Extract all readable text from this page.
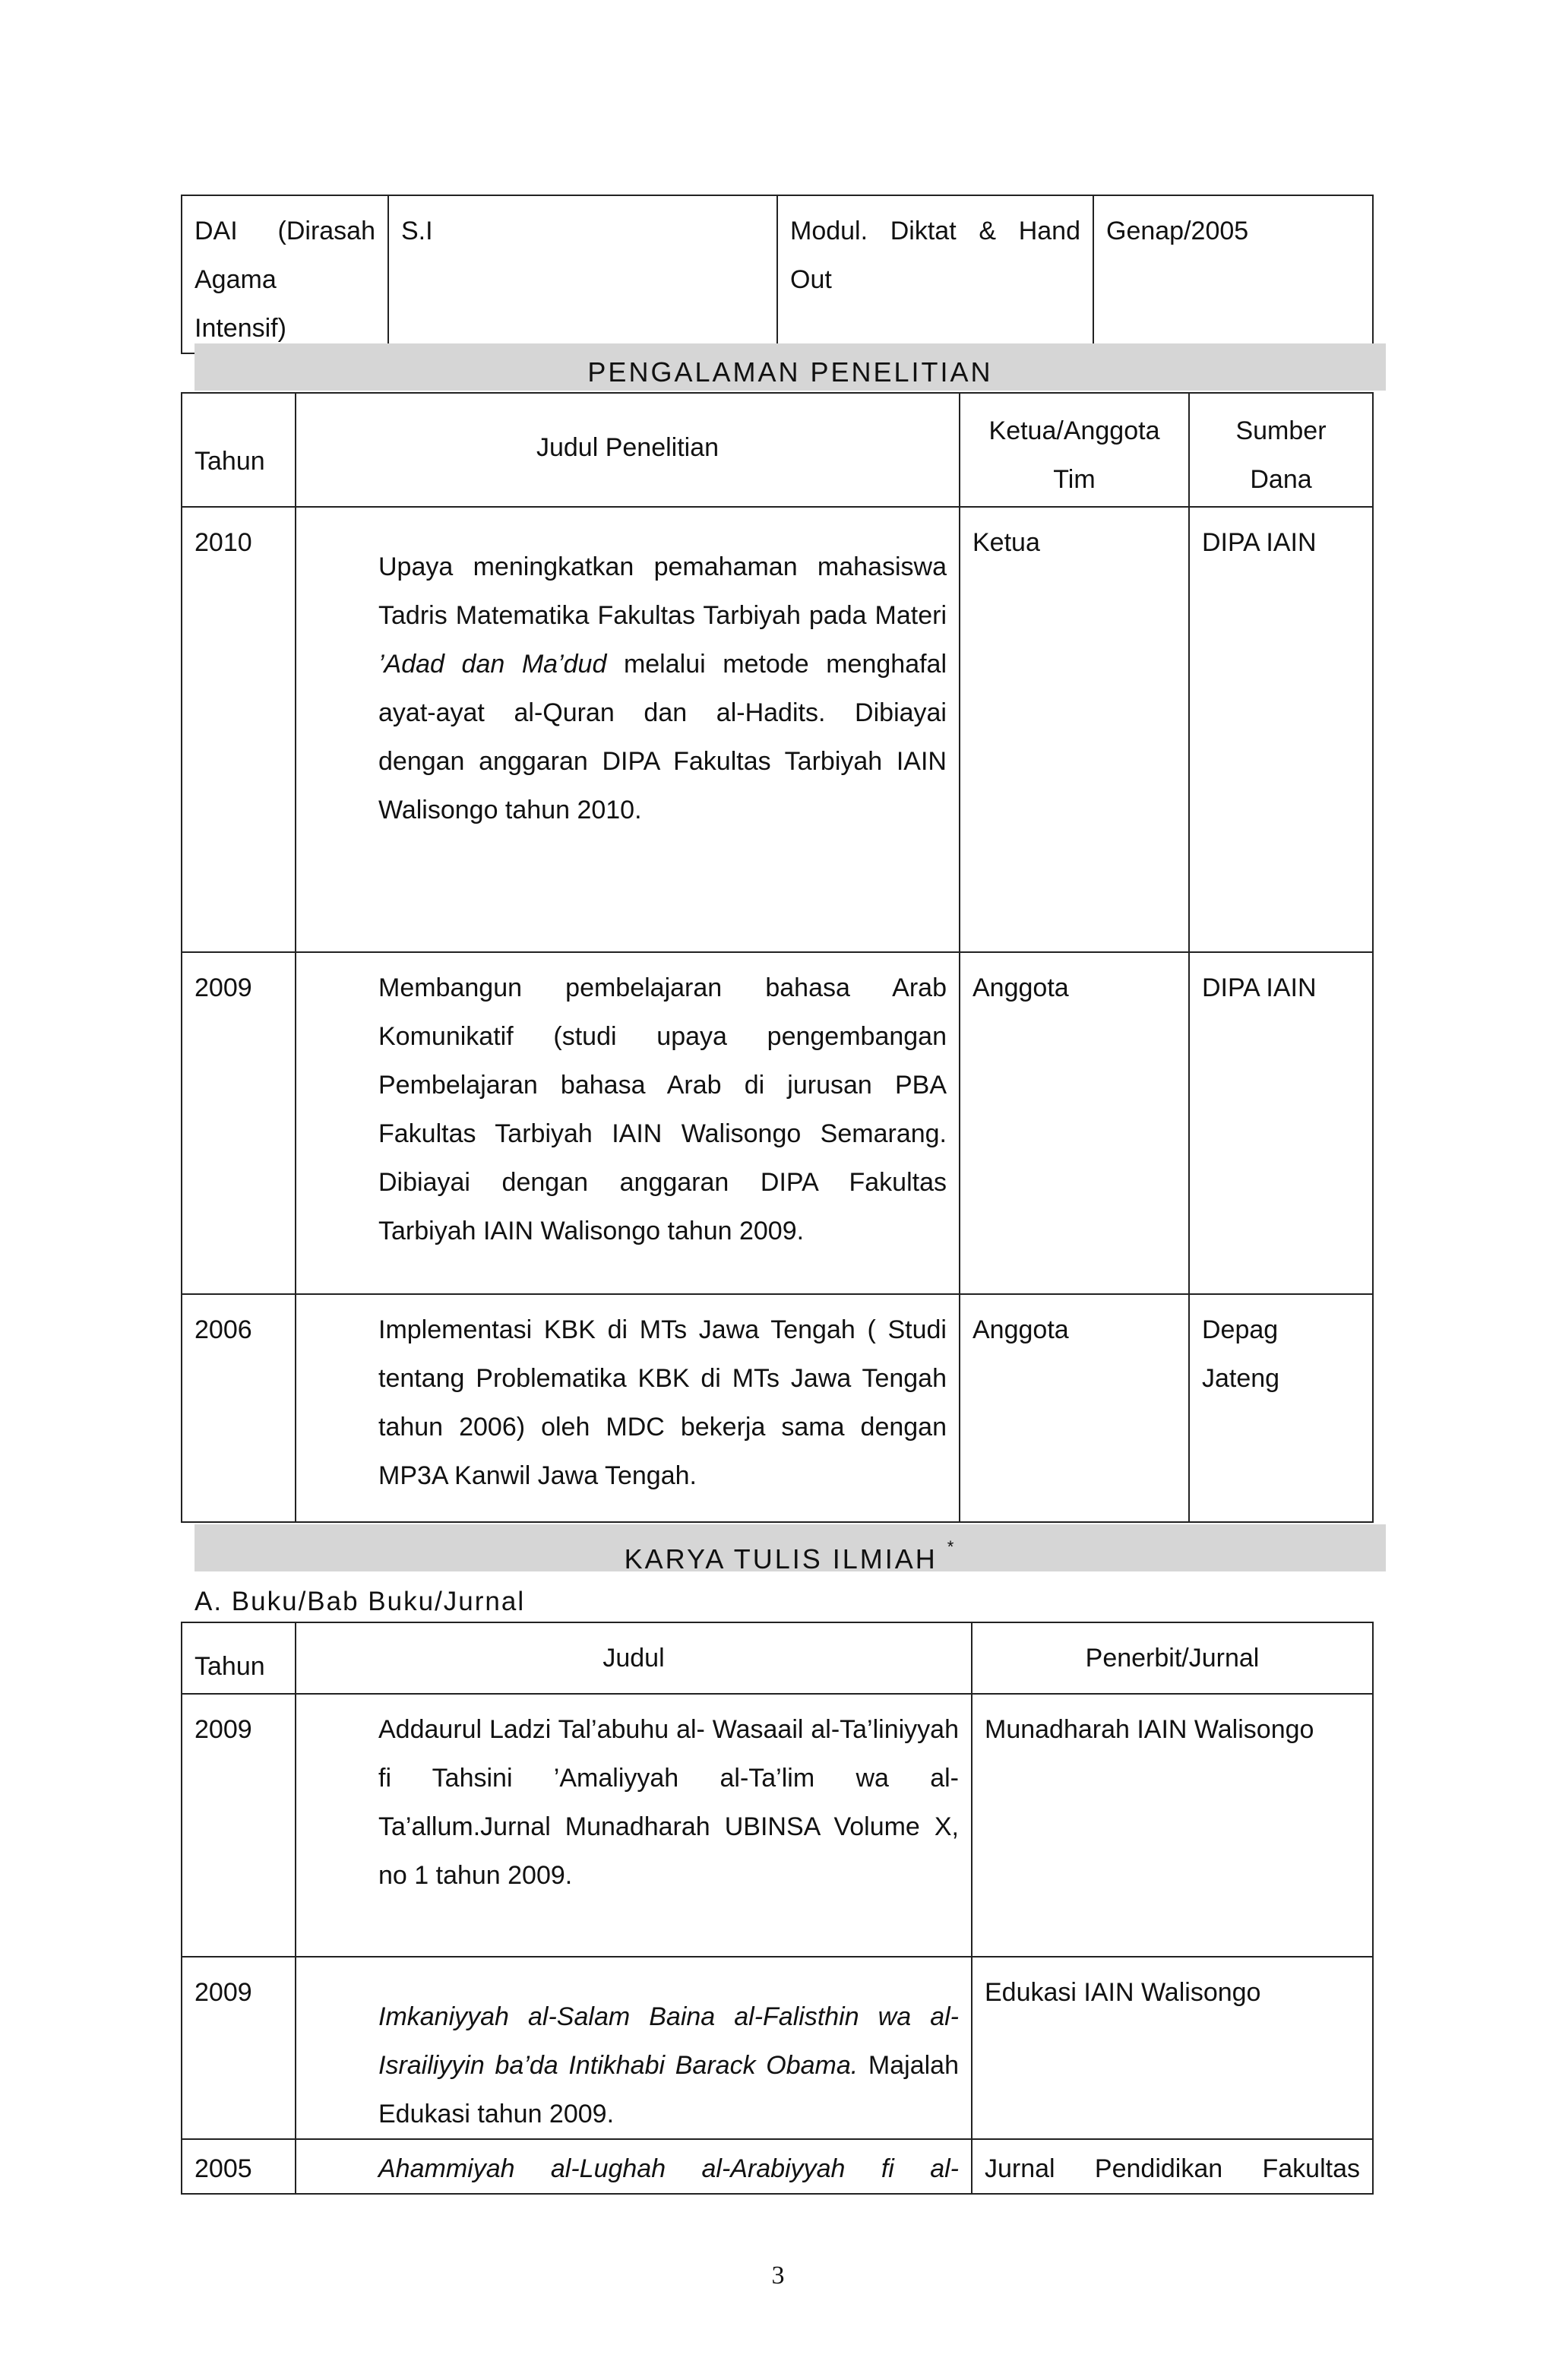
DAI (Dirasah Agama Intensif)	S.I	Modul. Diktat & Hand Out	Genap/2005
PENGALAMAN PENELITIAN
Tahun	Judul Penelitian	Ketua/Anggota Tim	Sumber Dana
2010	Upaya meningkatkan pemahaman mahasiswa Tadris Matematika Fakultas Tarbiyah pada Materi ’Adad dan Ma’dud melalui metode menghafal ayat-ayat al-Quran dan al-Hadits. Dibiayai dengan anggaran DIPA Fakultas Tarbiyah IAIN Walisongo tahun 2010.	Ketua	DIPA IAIN
2009	Membangun pembelajaran bahasa Arab Komunikatif (studi upaya pengembangan Pembelajaran bahasa Arab di jurusan PBA Fakultas Tarbiyah IAIN Walisongo Semarang. Dibiayai dengan anggaran DIPA Fakultas Tarbiyah IAIN Walisongo tahun 2009.	Anggota	DIPA IAIN
2006	Implementasi KBK di MTs Jawa Tengah ( Studi tentang Problematika KBK di MTs Jawa Tengah tahun 2006) oleh MDC bekerja sama dengan MP3A Kanwil Jawa Tengah.	Anggota	Depag Jateng
KARYA TULIS ILMIAH *
A. Buku/Bab Buku/Jurnal
Tahun	Judul	Penerbit/Jurnal
2009	Addaurul Ladzi Tal’abuhu al- Wasaail al-Ta’liniyyah fi Tahsini ’Amaliyyah al-Ta’lim wa al-Ta’allum.Jurnal Munadharah UBINSA Volume X, no 1 tahun 2009.	Munadharah IAIN Walisongo
2009	Imkaniyyah al-Salam Baina al-Falisthin wa al-Israiliyyin ba’da Intikhabi Barack Obama. Majalah Edukasi tahun 2009.	Edukasi IAIN Walisongo
2005	Ahammiyah al-Lughah al-Arabiyyah fi al-	Jurnal Pendidikan Fakultas
3
